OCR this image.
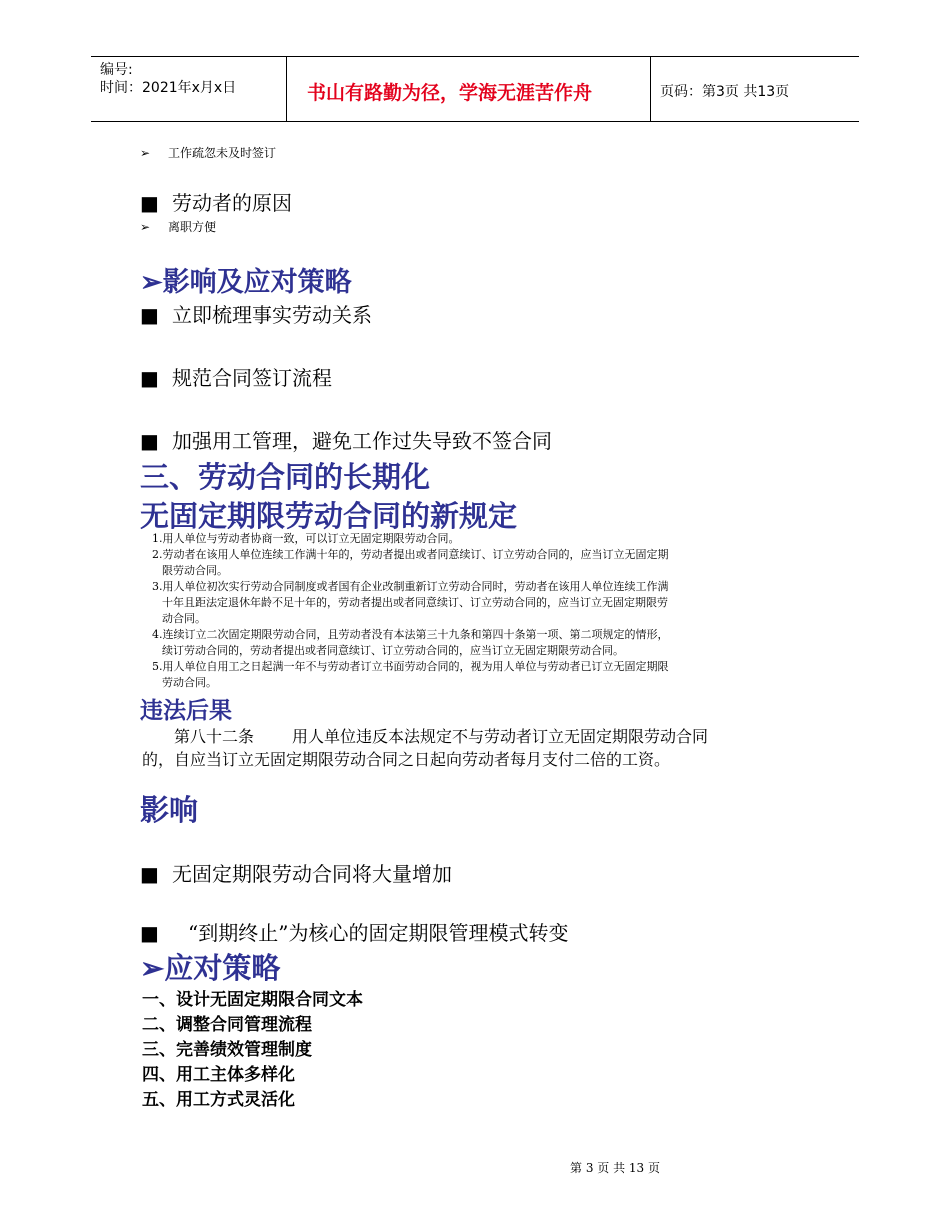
编号:
时间：2021年x月x日	书山有路勤为径，学海无涯苦作舟	页码：第3页 共13页
➢ 工作疏忽未及时签订
■ 劳动者的原因
➢ 离职方便
➢影响及应对策略
■ 立即梳理事实劳动关系
■ 规范合同签订流程
■ 加强用工管理，避免工作过失导致不签合同
三、劳动合同的长期化
无固定期限劳动合同的新规定
1.用人单位与劳动者协商一致，可以订立无固定期限劳动合同。
2.劳动者在该用人单位连续工作满十年的，劳动者提出或者同意续订、订立劳动合同的，应当订立无固定期
限劳动合同。
3.用人单位初次实行劳动合同制度或者国有企业改制重新订立劳动合同时，劳动者在该用人单位连续工作满
十年且距法定退休年龄不足十年的，劳动者提出或者同意续订、订立劳动合同的，应当订立无固定期限劳
动合同。
4.连续订立二次固定期限劳动合同，且劳动者没有本法第三十九条和第四十条第一项、第二项规定的情形，
续订劳动合同的，劳动者提出或者同意续订、订立劳动合同的，应当订立无固定期限劳动合同。
5.用人单位自用工之日起满一年不与劳动者订立书面劳动合同的，视为用人单位与劳动者已订立无固定期限
劳动合同。
违法后果
第八十二条 用人单位违反本法规定不与劳动者订立无固定期限劳动合同
的，自应当订立无固定期限劳动合同之日起向劳动者每月支付二倍的工资。
影响
■ 无固定期限劳动合同将大量增加
■ “到期终止”为核心的固定期限管理模式转变
➢应对策略
一、设计无固定期限合同文本
二、调整合同管理流程
三、完善绩效管理制度
四、用工主体多样化
五、用工方式灵活化
第 3 页 共 13 页
